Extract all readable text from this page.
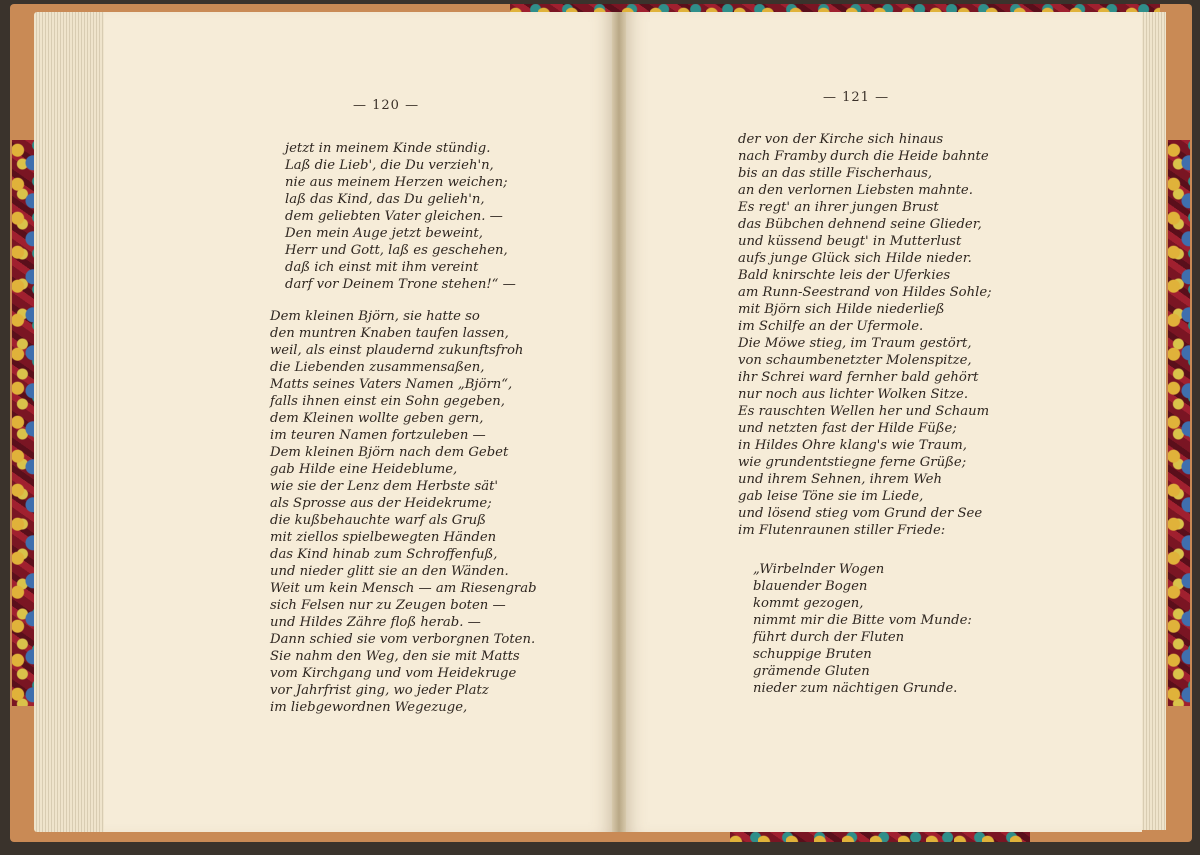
— 120 —
— 121 —
jetzt in meinem Kinde stündig.
Laß die Lieb', die Du verzieh'n,
nie aus meinem Herzen weichen;
laß das Kind, das Du gelieh'n,
dem geliebten Vater gleichen. —
Den mein Auge jetzt beweint,
Herr und Gott, laß es geschehen,
daß ich einst mit ihm vereint
darf vor Deinem Trone stehen!“ —
Dem kleinen Björn, sie hatte so
den muntren Knaben taufen lassen,
weil, als einst plaudernd zukunftsfroh
die Liebenden zusammensaßen,
Matts seines Vaters Namen „Björn“,
falls ihnen einst ein Sohn gegeben,
dem Kleinen wollte geben gern,
im teuren Namen fortzuleben —
Dem kleinen Björn nach dem Gebet
gab Hilde eine Heideblume,
wie sie der Lenz dem Herbste sät'
als Sprosse aus der Heidekrume;
die kußbehauchte warf als Gruß
mit ziellos spielbewegten Händen
das Kind hinab zum Schroffenfuß,
und nieder glitt sie an den Wänden.
Weit um kein Mensch — am Riesengrab
sich Felsen nur zu Zeugen boten —
und Hildes Zähre floß herab. —
Dann schied sie vom verborgnen Toten.
Sie nahm den Weg, den sie mit Matts
vom Kirchgang und vom Heidekruge
vor Jahrfrist ging, wo jeder Platz
im liebgewordnen Wegezuge,
der von der Kirche sich hinaus
nach Framby durch die Heide bahnte
bis an das stille Fischerhaus,
an den verlornen Liebsten mahnte.
Es regt' an ihrer jungen Brust
das Bübchen dehnend seine Glieder,
und küssend beugt' in Mutterlust
aufs junge Glück sich Hilde nieder.
Bald knirschte leis der Uferkies
am Runn-Seestrand von Hildes Sohle;
mit Björn sich Hilde niederließ
im Schilfe an der Ufermole.
Die Möwe stieg, im Traum gestört,
von schaumbenetzter Molenspitze,
ihr Schrei ward fernher bald gehört
nur noch aus lichter Wolken Sitze.
Es rauschten Wellen her und Schaum
und netzten fast der Hilde Füße;
in Hildes Ohre klang's wie Traum,
wie grundentstiegne ferne Grüße;
und ihrem Sehnen, ihrem Weh
gab leise Töne sie im Liede,
und lösend stieg vom Grund der See
im Flutenraunen stiller Friede:
„Wirbelnder Wogen
blauender Bogen
kommt gezogen,
nimmt mir die Bitte vom Munde:
führt durch der Fluten
schuppige Bruten
grämende Gluten
nieder zum nächtigen Grunde.
